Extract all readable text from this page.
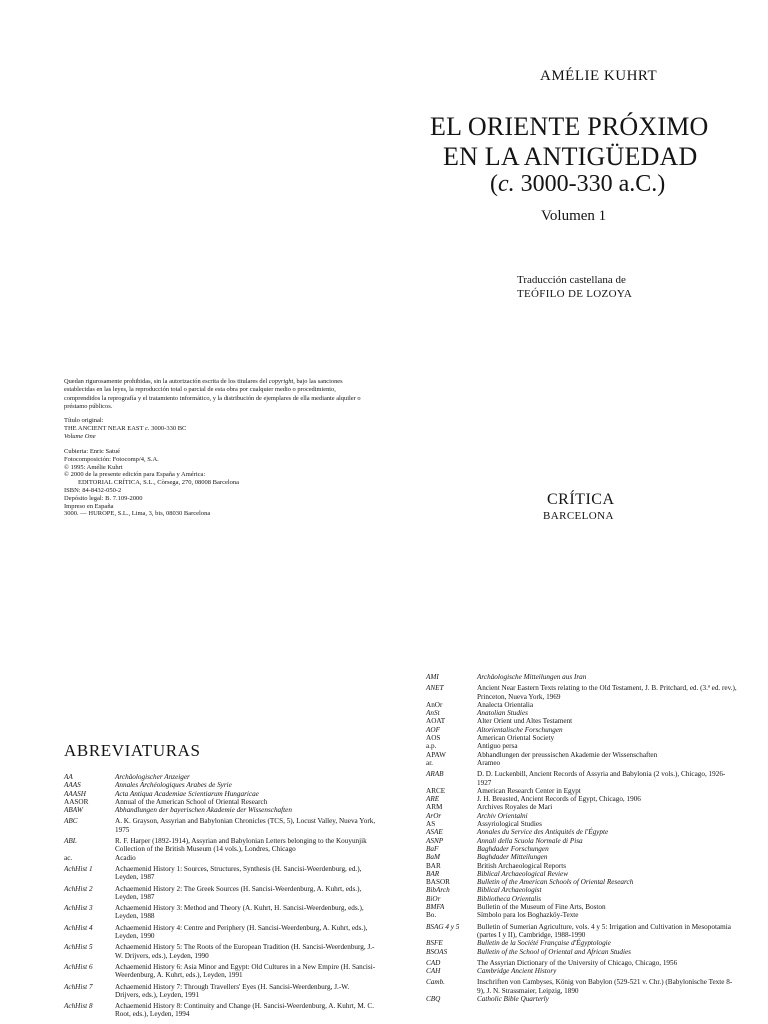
AMÉLIE KUHRT
EL ORIENTE PRÓXIMO
EN LA ANTIGÜEDAD
(c. 3000-330 a.C.)
Volumen 1
Traducción castellana de
TEÓFILO DE LOZOYA
CRÍTICA
BARCELONA
Quedan rigurosamente prohibidas, sin la autorización escrita de los titulares del copyright, bajo las sanciones establecidas en las leyes, la reproducción total o parcial de esta obra por cualquier medio o procedimiento, comprendidos la reprografía y el tratamiento informático, y la distribución de ejemplares de ella mediante alquiler o préstamo públicos.
Título original:
THE ANCIENT NEAR EAST c. 3000-330 BC
Volume One
Cubierta: Enric Satué
Fotocomposición: Fotocomp/4, S.A.
© 1995: Amélie Kuhrt
© 2000 de la presente edición para España y América:
EDITORIAL CRÍTICA, S.L., Còrsega, 270, 08008 Barcelona
ISBN: 84-8432-050-2
Depósito legal: B. 7.109-2000
Impreso en España
3000. — HUROPE, S.L., Lima, 3, bis, 08030 Barcelona
ABREVIATURAS
AA	Archäologischer Anzeiger
AAAS	Annales Archéologiques Arabes de Syrie
AAASH	Acta Antiqua Academiae Scientiarum Hungaricae
AASOR	Annual of the American School of Oriental Research
ABAW	Abhandlungen der bayerischen Akademie der Wissenschaften
ABC	A. K. Grayson, Assyrian and Babylonian Chronicles (TCS, 5), Locust Valley, Nueva York, 1975
ABL	R. F. Harper (1892-1914), Assyrian and Babylonian Letters belonging to the Kouyunjik Collection of the British Museum (14 vols.), Londres, Chicago
ac.	Acadio
AchHist 1	Achaemenid History 1: Sources, Structures, Synthesis (H. Sancisi-Weerdenburg, ed.), Leyden, 1987
AchHist 2	Achaemenid History 2: The Greek Sources (H. Sancisi-Weerdenburg, A. Kuhrt, eds.), Leyden, 1987
AchHist 3	Achaemenid History 3: Method and Theory (A. Kuhrt, H. Sancisi-Weerdenburg, eds.), Leyden, 1988
AchHist 4	Achaemenid History 4: Centre and Periphery (H. Sancisi-Weerdenburg, A. Kuhrt, eds.), Leyden, 1990
AchHist 5	Achaemenid History 5: The Roots of the European Tradition (H. Sancisi-Weerdenburg, J.-W. Drijvers, eds.), Leyden, 1990
AchHist 6	Achaemenid History 6: Asia Minor and Egypt: Old Cultures in a New Empire (H. Sancisi-Weerdenburg, A. Kuhrt, eds.), Leyden, 1991
AchHist 7	Achaemenid History 7: Through Travellers' Eyes (H. Sancisi-Weerdenburg, J.-W. Drijvers, eds.), Leyden, 1991
AchHist 8	Achaemenid History 8: Continuity and Change (H. Sancisi-Weerdenburg, A. Kuhrt, M. C. Root, eds.), Leyden, 1994
AMI	Archäologische Mitteilungen aus Iran
ANET	Ancient Near Eastern Texts relating to the Old Testament, J. B. Pritchard, ed. (3.ª ed. rev.), Princeton, Nueva York, 1969
AnOr	Analecta Orientalia
AnSt	Anatolian Studies
AOAT	Alter Orient und Altes Testament
AOF	Altorientalische Forschungen
AOS	American Oriental Society
a.p.	Antiguo persa
APAW	Abhandlungen der preussischen Akademie der Wissenschaften
ar.	Arameo
ARAB	D. D. Luckenbill, Ancient Records of Assyria and Babylonia (2 vols.), Chicago, 1926-1927
ARCE	American Research Center in Egypt
ARE	J. H. Breasted, Ancient Records of Egypt, Chicago, 1906
ARM	Archives Royales de Mari
ArOr	Archiv Orientalni
AS	Assyriological Studies
ASAE	Annales du Service des Antiquités de l'Égypte
ASNP	Annali della Scuola Normale di Pisa
BaF	Baghdader Forschungen
BaM	Baghdader Mitteilungen
BAR	British Archaeological Reports
BAR	Biblical Archaeological Review
BASOR	Bulletin of the American Schools of Oriental Research
BibArch	Biblical Archaeologist
BiOr	Bibliotheca Orientalis
BMFA	Bulletin of the Museum of Fine Arts, Boston
Bo.	Símbolo para los Boghazköy-Texte
BSAG 4 y 5	Bulletin of Sumerian Agriculture, vols. 4 y 5: Irrigation and Cultivation in Mesopotamia (partes I y II), Cambridge, 1988-1990
BSFE	Bulletin de la Société Française d'Égyptologie
BSOAS	Bulletin of the School of Oriental and African Studies
CAD	The Assyrian Dictionary of the University of Chicago, Chicago, 1956
CAH	Cambridge Ancient History
Camb.	Inschriften von Cambyses, König von Babylon (529-521 v. Chr.) (Babylonische Texte 8-9), J. N. Strassmaier, Leipzig, 1890
CBQ	Catholic Bible Quarterly
